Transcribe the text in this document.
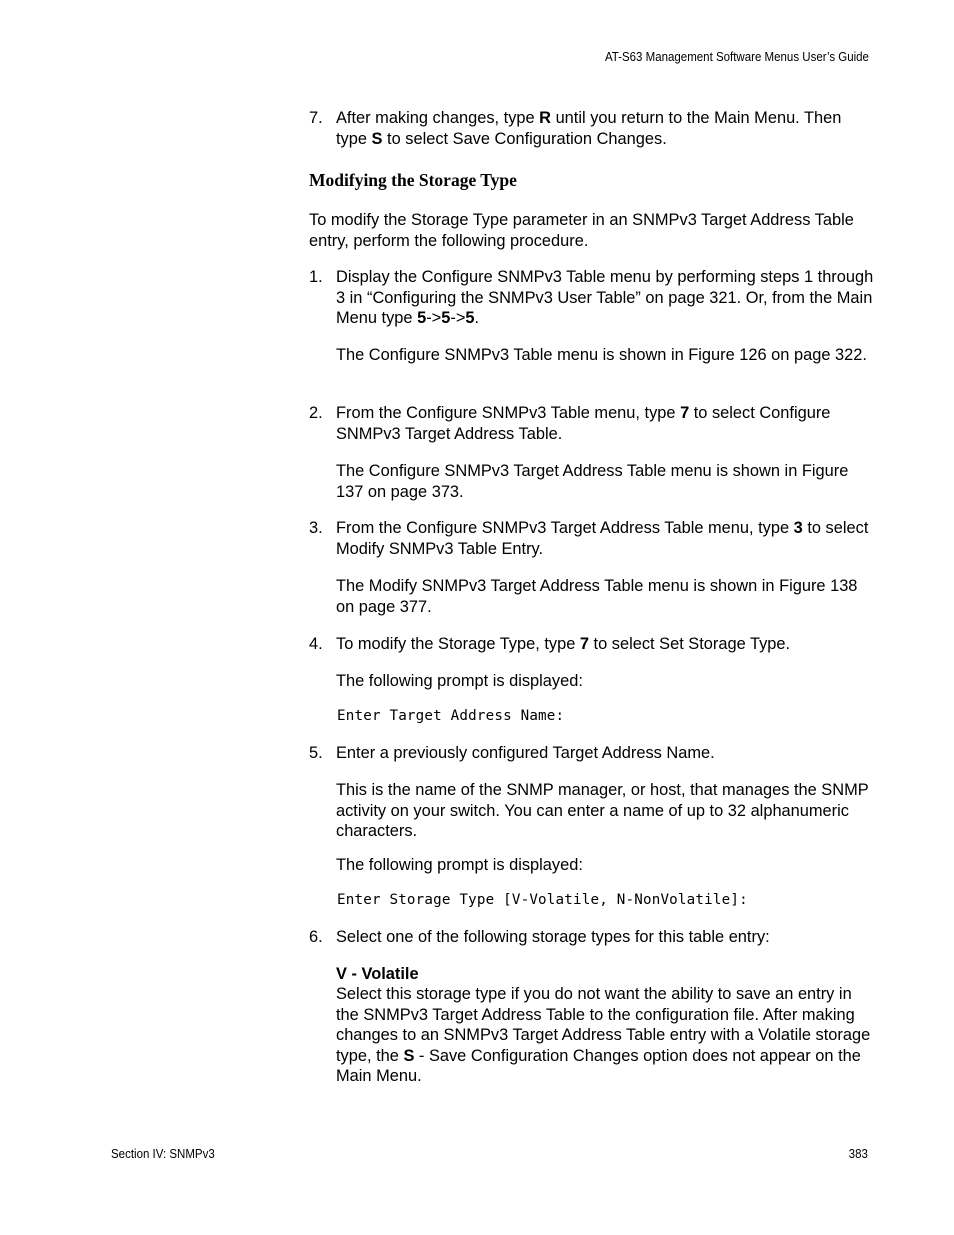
AT-S63 Management Software Menus User’s Guide
7. After making changes, type R until you return to the Main Menu. Then type S to select Save Configuration Changes.
Modifying the Storage Type
To modify the Storage Type parameter in an SNMPv3 Target Address Table entry, perform the following procedure.
1. Display the Configure SNMPv3 Table menu by performing steps 1 through 3 in “Configuring the SNMPv3 User Table” on page 321. Or, from the Main Menu type 5->5->5.
The Configure SNMPv3 Table menu is shown in Figure 126 on page 322.
2. From the Configure SNMPv3 Table menu, type 7 to select Configure SNMPv3 Target Address Table.
The Configure SNMPv3 Target Address Table menu is shown in Figure 137 on page 373.
3. From the Configure SNMPv3 Target Address Table menu, type 3 to select Modify SNMPv3 Table Entry.
The Modify SNMPv3 Target Address Table menu is shown in Figure 138 on page 377.
4. To modify the Storage Type, type 7 to select Set Storage Type.
The following prompt is displayed:
Enter Target Address Name:
5. Enter a previously configured Target Address Name.
This is the name of the SNMP manager, or host, that manages the SNMP activity on your switch. You can enter a name of up to 32 alphanumeric characters.
The following prompt is displayed:
Enter Storage Type [V-Volatile, N-NonVolatile]:
6. Select one of the following storage types for this table entry:
V - Volatile
Select this storage type if you do not want the ability to save an entry in the SNMPv3 Target Address Table to the configuration file. After making changes to an SNMPv3 Target Address Table entry with a Volatile storage type, the S - Save Configuration Changes option does not appear on the Main Menu.
Section IV: SNMPv3	383
